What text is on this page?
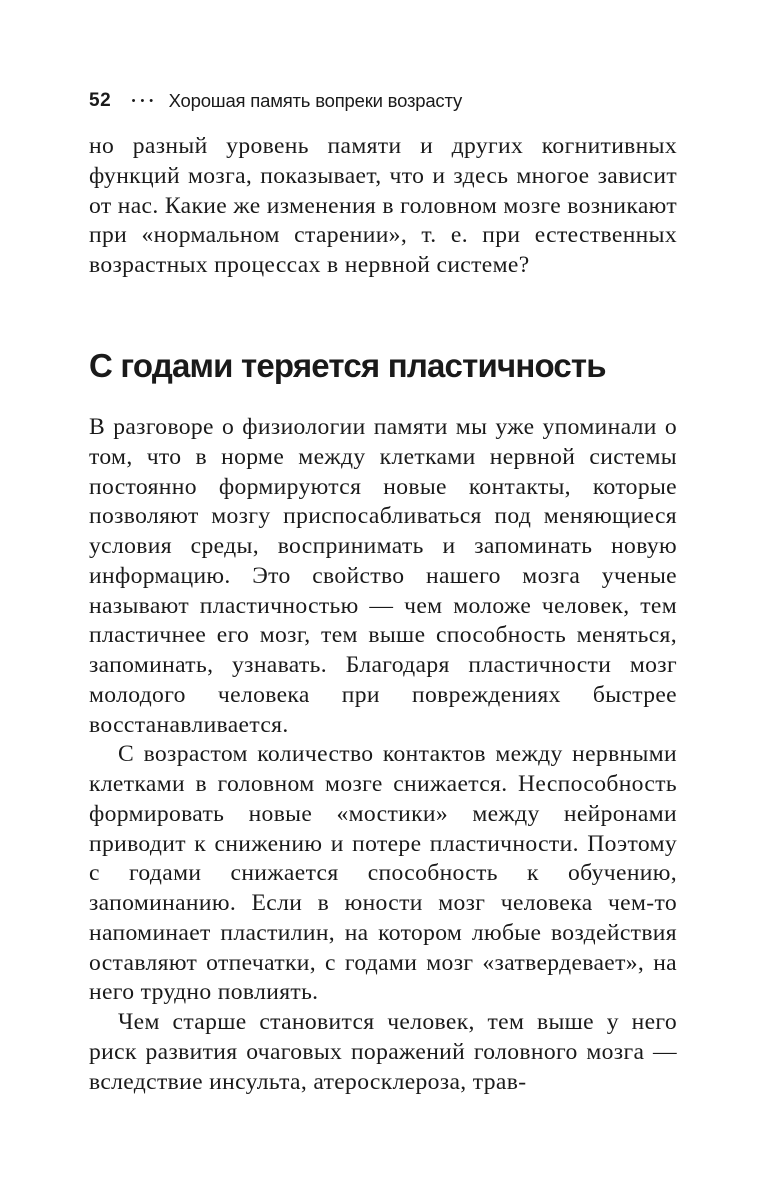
52 ••• Хорошая память вопреки возрасту

но разный уровень памяти и других когнитивных функций мозга, показывает, что и здесь многое зависит от нас. Какие же изменения в головном мозге возникают при «нормальном старении», т. е. при естественных возрастных процессах в нервной системе?

С годами теряется пластичность

В разговоре о физиологии памяти мы уже упоминали о том, что в норме между клетками нервной системы постоянно формируются новые контакты, которые позволяют мозгу приспосабливаться под меняющиеся условия среды, воспринимать и запоминать новую информацию. Это свойство нашего мозга ученые называют пластичностью — чем моложе человек, тем пластичнее его мозг, тем выше способность меняться, запоминать, узнавать. Благодаря пластичности мозг молодого человека при повреждениях быстрее восстанавливается.

С возрастом количество контактов между нервными клетками в головном мозге снижается. Неспособность формировать новые «мостики» между нейронами приводит к снижению и потере пластичности. Поэтому с годами снижается способность к обучению, запоминанию. Если в юности мозг человека чем-то напоминает пластилин, на котором любые воздействия оставляют отпечатки, с годами мозг «затвердевает», на него трудно повлиять.

Чем старше становится человек, тем выше у него риск развития очаговых поражений головного мозга — вследствие инсульта, атеросклероза, трав-
